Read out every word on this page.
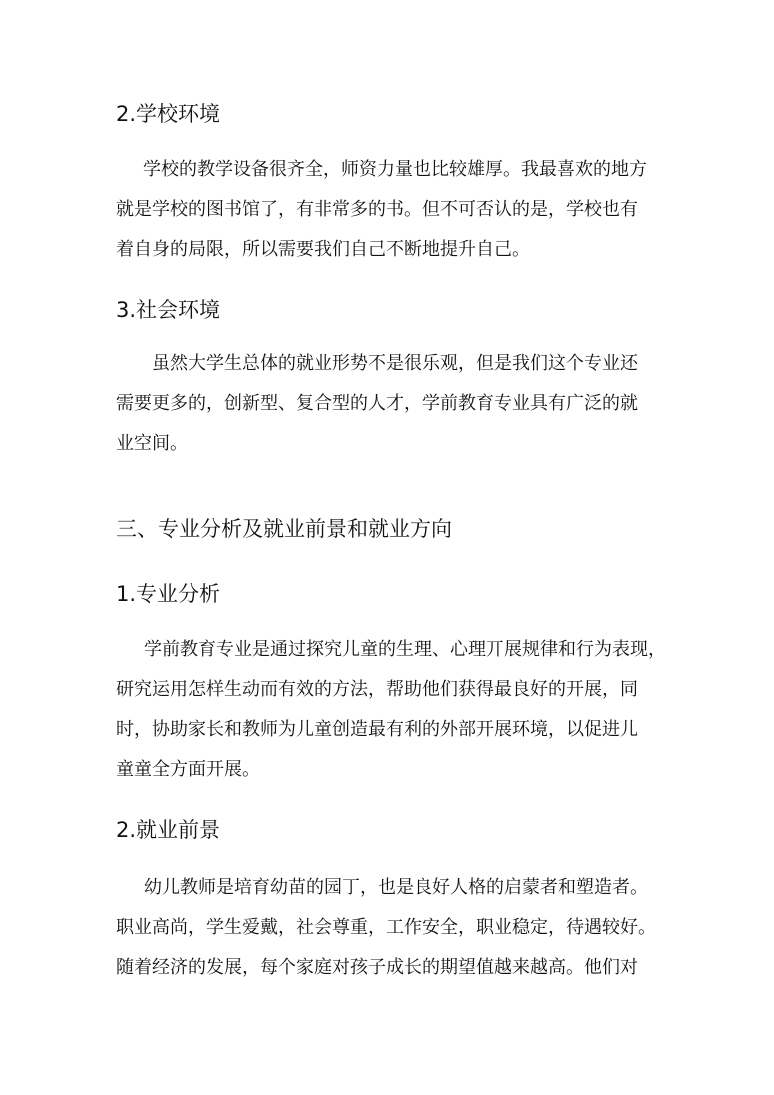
2.学校环境
学校的教学设备很齐全，师资力量也比较雄厚。我最喜欢的地方
就是学校的图书馆了，有非常多的书。但不可否认的是，学校也有
着自身的局限，所以需要我们自己不断地提升自己。
3.社会环境
虽然大学生总体的就业形势不是很乐观，但是我们这个专业还
需要更多的，创新型、复合型的人才，学前教育专业具有广泛的就
业空间。
三、专业分析及就业前景和就业方向
1.专业分析
学前教育专业是通过探究儿童的生理、心理丌展规律和行为表现，
研究运用怎样生动而有效的方法，帮助他们获得最良好的开展，同
时，协助家长和教师为儿童创造最有利的外部开展环境，以促进儿
童童全方面开展。
2.就业前景
幼儿教师是培育幼苗的园丁，也是良好人格的启蒙者和塑造者。
职业高尚，学生爱戴，社会尊重，工作安全，职业稳定，待遇较好。
随着经济的发展，每个家庭对孩子成长的期望值越来越高。他们对
